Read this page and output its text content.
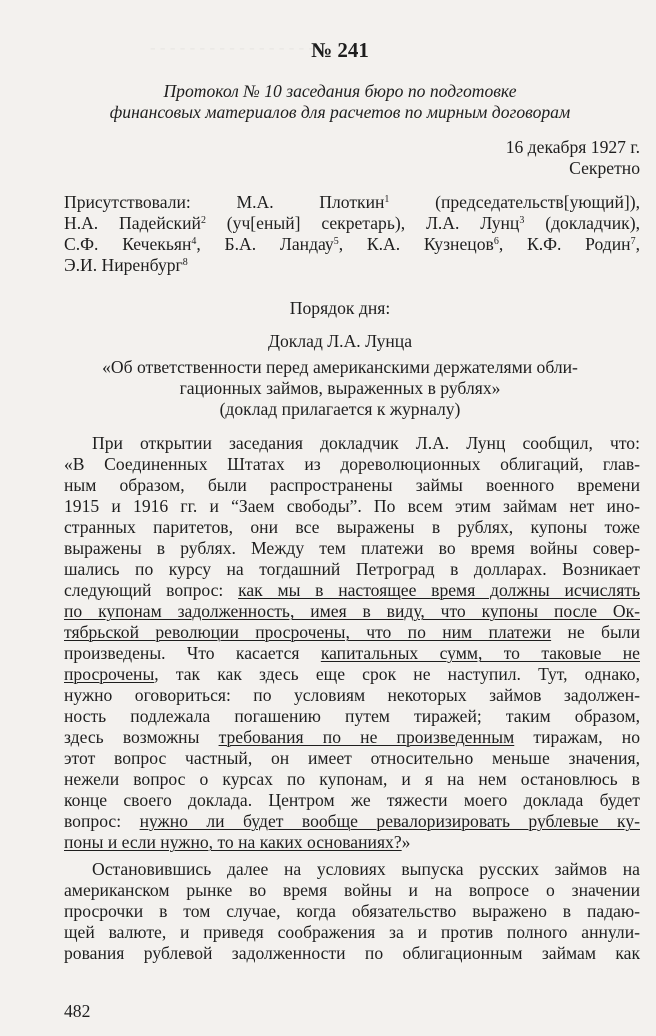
№ 241
Протокол № 10 заседания бюро по подготовке
финансовых материалов для расчетов по мирным договорам
16 декабря 1927 г.
Секретно
Присутствовали: М.А. Плоткин$^1$ (председательств[ующий]),
Н.А. Падейский$^2$ (уч[еный] секретарь), Л.А. Лунц$^3$ (докладчик),
С.Ф. Кечекьян$^4$, Б.А. Ландау$^5$, К.А. Кузнецов$^6$, К.Ф. Родин$^7$,
Э.И. Ниренбург$^8$
Порядок дня:
Доклад Л.А. Лунца
«Об ответственности перед американскими держателями обли-
гационных займов, выраженных в рублях»
(доклад прилагается к журналу)
При открытии заседания докладчик Л.А. Лунц сообщил, что:
«В Соединенных Штатах из дореволюционных облигаций, глав-
ным образом, были распространены займы военного времени
1915 и 1916 гг. и “Заем свободы”. По всем этим займам нет ино-
странных паритетов, они все выражены в рублях, купоны тоже
выражены в рублях. Между тем платежи во время войны совер-
шались по курсу на тогдашний Петроград в долларах. Возникает
следующий вопрос: как мы в настоящее время должны исчислять
по купонам задолженность, имея в виду, что купоны после Ок-
тябрьской революции просрочены, что по ним платежи не были
произведены. Что касается капитальных сумм, то таковые не
просрочены, так как здесь еще срок не наступил. Тут, однако,
нужно оговориться: по условиям некоторых займов задолжен-
ность подлежала погашению путем тиражей; таким образом,
здесь возможны требования по не произведенным тиражам, но
этот вопрос частный, он имеет относительно меньше значения,
нежели вопрос о курсах по купонам, и я на нем остановлюсь в
конце своего доклада. Центром же тяжести моего доклада будет
вопрос: нужно ли будет вообще ревалоризировать рублевые ку-
поны и если нужно, то на каких основаниях?»
Остановившись далее на условиях выпуска русских займов на
американском рынке во время войны и на вопросе о значении
просрочки в том случае, когда обязательство выражено в падаю-
щей валюте, и приведя соображения за и против полного аннули-
рования рублевой задолженности по облигационным займам как
482
